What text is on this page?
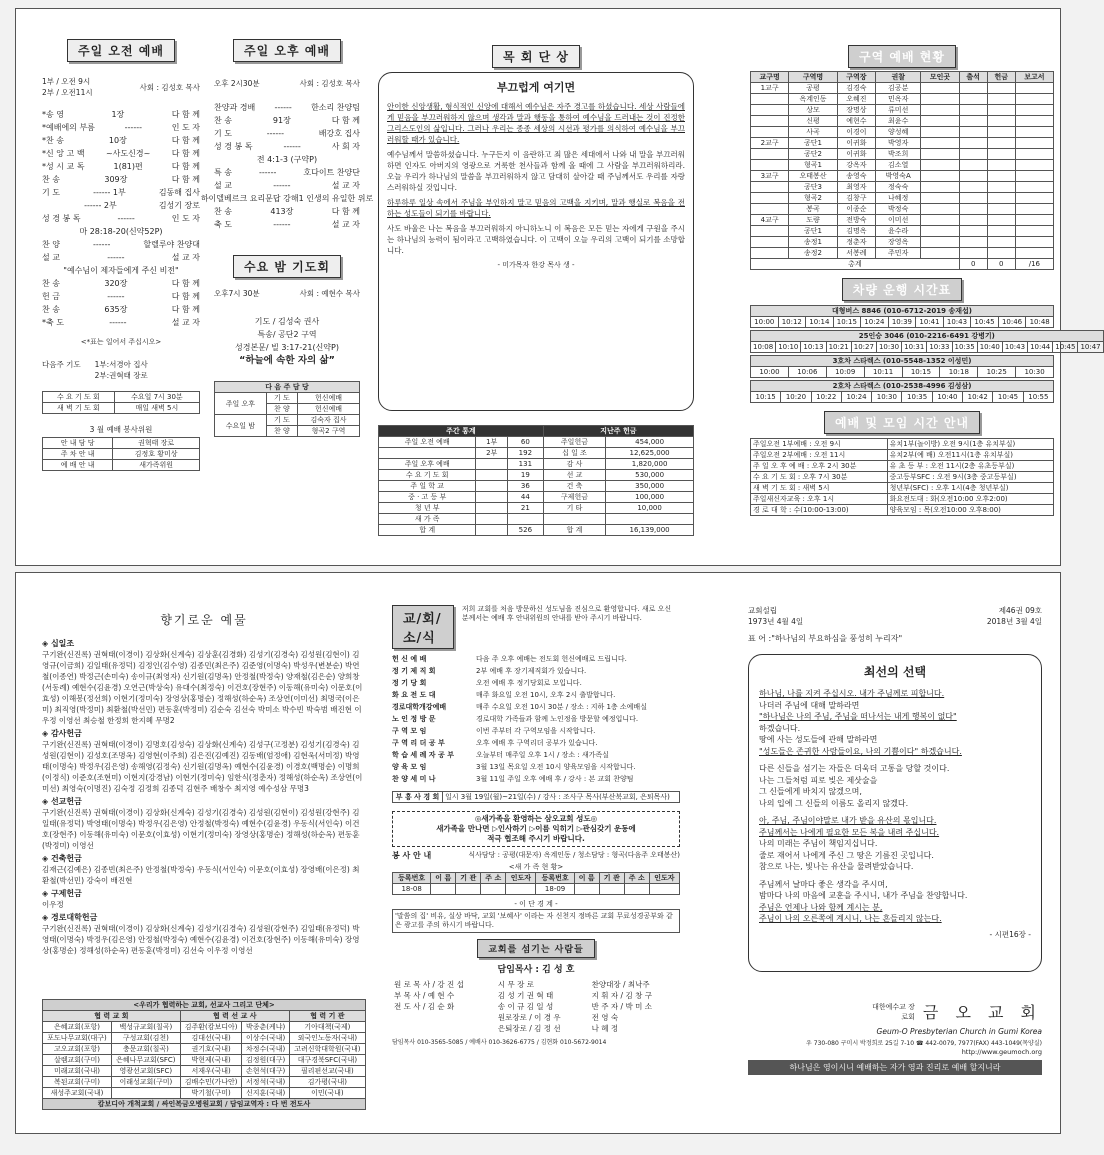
주일 오전 예배
1부 / 오전 9시
2부 / 오전11시
사회 : 김성호 목사
*송 영	1장	다 함 께
*예배에의 부름	------	인 도 자
*찬 송	10장	다 함 께
*신 앙 고 백	~사도신경~	다 함 께
*성 시 교 독	1(81)편	다 함 께
찬 송	309장	다 함 께
기 도	------ 1부	김동해 집사
------ 2부	김성기 장로
성 경 봉 독	------	인 도 자
마 28:18-20(신약52P)
찬 양	------	할렐루야 찬양대
설 교	------	설 교 자
"예수님이 제자들에게 주신 비전"
찬 송	320장	다 함 께
헌 금	------	다 함 께
찬 송	635장	다 함 께
*축 도	------	설 교 자
<*표는 일어서 주십시오>
다음주 기도 1부:서경아 집사
2부:권혁태 장로
수 요 기 도 회	수요일 7시 30분
새 벽 기 도 회	매일 새벽 5시
3 월 예배 봉사위원
안 내 담 당	권혁태 장로
주 차 안 내	김정호 황미상
예 배 안 내	새가족위원
주일 오후 예배
오후 2시30분	사회 : 김성호 목사
찬양과 경배 ------ 한소리 찬양팀
찬 송	91장	다 함 께
기 도	------	배강호 집사
성 경 봉 독	------	사 회 자
전 4:1-3 (구약P)
특 송	------	호다이트 찬양단
설 교	------	설 교 자
하이델베르크 요리문답 강해1 인생의 유일한 위로
찬 송	413장	다 함 께
축 도	------	설 교 자
수요 밤 기도회
오후7시 30분	사회 : 예현수 목사
기도 / 김성숙 권사
특송/ 공단2 구역
성경본문/ 빌 3:17-21(신약P)
“하늘에 속한 자의 삶”
다 음 주 담 당		
주일 오후	기 도	헌신예배
	찬 양	헌신예배
수요일 밤	기 도	김숙자 집사
	찬 양	형곡2 구역
목 회 단 상
부끄럽게 여기면

안이한 신앙생활, 형식적인 신앙에 대해서 예수님은 자주 경고를 하셨습니다. 세상 사람들에게 믿음을 부끄러워하지 않으며 생각과 말과 행동을 통하여 예수님을 드러내는 것이 진정한 그리스도인의 삶입니다. 그러나 우리는 종종 세상의 시선과 평가를 의식하여 예수님을 부끄러워할 때가 있습니다.

예수님께서 말씀하셨습니다. 누구든지 이 음란하고 죄 많은 세대에서 나와 내 말을 부끄러워하면 인자도 아버지의 영광으로 거룩한 천사들과 함께 올 때에 그 사람을 부끄러워하리라. 오늘 우리가 하나님의 말씀을 부끄러워하지 않고 담대히 살아갈 때 주님께서도 우리를 자랑스러워하실 것입니다.

하루하루 일상 속에서 주님을 부인하지 말고 믿음의 고백을 지키며, 말과 행실로 복음을 전하는 성도들이 되기를 바랍니다.

사도 바울은 나는 복음을 부끄러워하지 아니하노니 이 복음은 모든 믿는 자에게 구원을 주시는 하나님의 능력이 됨이라고 고백하였습니다. 이 고백이 오늘 우리의 고백이 되기를 소망합니다.

- 미가목자 한강 목사 생 -
주간 통계			지난주 헌금	
주일 오전 예배	1부	60	주일헌금	454,000
	2부	192	십 일 조	12,625,000
주일 오후 예배		131	감 사	1,820,000
수 요 기 도 회		19	선 교	530,000
주 일 학 교		36	건 축	350,000
중 · 고 등 부		44	구제헌금	100,000
청 년 부		21	기 타	10,000
새 가 족				
합 계		526	합 계	16,139,000
구역 예배 현황
교구명	구역명	구역장	권찰	모인곳	출석	헌금	보고서
1교구	공평	김경숙	김공분				
	옥계인동	오혜진	민옥자				
	상모	장명상	류미선				
	신평	예현수	최윤수				
	사곡	이경이	양성혜				
2교구	공단1	이귀화	박영자				
	공단2	이귀화	박조희				
	형곡1	강옥자	김소열				
3교구	오태봉산	송영숙	박영숙A				
	공단3	최영자	정숙숙				
	형곡2	김창구	나혜정				
	봉곡	이종순	박정숙				
4교구	도량	전방숙	이미선				
	공단1	김명옥	윤수라				
	송정1	정춘자	장영옥				
	송정2	서봉례	주민자				
총계					0	0	/16
차량 운행 시간표
대형버스 8846 (010-6712-2019 송재섭)
10:00	10:12	10:14	10:15	10:24	10:39	10:41	10:43	10:45	10:46	10:48
25인승 3046 (010-2216-6491 강병기)
10:08	10:10	10:13	10:21	10:27	10:30	10:31	10:33	10:35	10:40	10:43	10:44	10:45	10:47
3호차 스타렉스 (010-5548-1352 이성민)
10:00	10:06	10:09	10:11	10:15	10:18	10:25	10:30
2호차 스타렉스 (010-2538-4996 김성삼)
10:15	10:20	10:22	10:24	10:30	10:35	10:40	10:42	10:45	10:55
예배 및 모임 시간 안내
주일오전 1부예배 : 오전 9시	유치1부(놀이방) 오전 9시(1층 유치부실)
주일오전 2부예배 : 오전 11시	유치2부(예 배) 오전11시(1층 유치부실)
주 일 오 후 예 배 : 오후 2시 30분	유 초 등 부 : 오전 11시(2층 유초등부실)
수 요 기 도 회 : 오후 7시 30분	중고등부SFC : 오전 9시(3층 중고등부실)
새 벽 기 도 회 : 새벽 5시	청년부(SFC) : 오후 1시(4층 청년부실)
주일새신자교육 : 오후 1시	화요전도대 : 화(오전10:00 오후2:00)
경 로 대 학 : 수(10:00-13:00)	양육모임 : 목(오전10:00 오후8:00)
향기로운 예물
◈ 십일조
구기완(신진록) 권혁태(이경이) 김상화(신계숙) 김상훈(김경화) 김성기(김경숙) 김성원(김현이) 김영규(이금희) 김일태(유정덕) 김정인(김수영) 김종민(최은주) 김준영(이명숙) 박성우(변분순) 박연철(이종연) 박정근(손미숙) 송이규(최영자) 신기원(김명옥) 안정철(박정숙) 양재철(김은순) 양희창(서동례) 예현수(김윤경) 오연근(박상숙) 유대수(최정숙) 이건호(장현주) 이동해(유미숙) 이문호(이효성) 이해봉(정선희) 이현기(정미숙) 장영상(홍명순) 정해성(하순옥) 조상연(이미선) 최명국(이은미) 최직영(박정미) 최환철(박선민) 편동훈(박정미) 김순숙 김선숙 박미소 박수빈 박숙범 배진현 이우정 이영선 최승철 한정희 한지혜 무명2
◈ 감사헌금
구기완(신진록) 권혁태(이경이) 김명호(김성숙) 김상화(신계숙) 김성구(고정분) 김성기(김경숙) 김성원(김현이) 김성호(조명옥) 김영현(이주희) 김은진(김예진) 김동배(엄정애) 김현욱(서미정) 박영태(이명숙) 박정우(김은영) 송해영(김정숙) 신기원(김명옥) 예현수(김윤경) 이경호(백명순) 이명희(이정식) 이준호(조현미) 이현지(강경남) 이현기(정미숙) 임한식(정춘자) 정해성(하순옥) 조상연(이미선) 최영숙(이명진) 김숙정 김정희 김종덕 김현주 배창수 최지영 예수성삼 무명3
◈ 선교헌금
구기완(신진록) 권혁태(이경이) 김상화(신계숙) 김성기(김경숙) 김성원(김현이) 김성원(강현주) 김일태(유정덕) 박영태(이명숙) 박정우(김은영) 안정철(박정숙) 예현수(김윤경) 우동식(서인숙) 이건호(장현주) 이동해(유미숙) 이문호(이효성) 이현기(정미숙) 장영상(홍명순) 정해성(하순옥) 편동훈(박정미) 이영선
◈ 건축헌금
김재근(김예은) 김종빈(최은주) 안정철(박정숙) 우동식(서인숙) 이문호(이효성) 장영배(이은정) 최환철(박선민) 강숙이 배진현
◈ 구제헌금
이우정
◈ 경로대학헌금
구기완(신진록) 권혁태(이경이) 김상화(신계숙) 김성기(김경숙) 김성원(강현주) 김일태(유정덕) 박영태(이명숙) 박정우(김은영) 안정철(박정숙) 예현수(김윤경) 이건호(장현주) 이동해(유미숙) 장영상(홍명순) 정해성(하순옥) 편동훈(박정미) 김선숙 이우정 이영선
<우리가 협력하는 교회, 선교사 그리고 단체>				
협 력 교 회		협 력 선 교 사		협 력 기 관
은혜교회(포항)	백성규교회(칠곡)	김주환(캄보디아)	박종춘(케냐)	기아대책(국제)
포도나무교회(대구)	구성교회(김천)	김대선(국내)	이상수(국내)	외국인노동자(국내)
고오교회(포항)	충문교회(칠곡)	권기호(국내)	차정수(국내)	고려신학대학원(국내)
살렘교회(구미)	은혜나무교회(SFC)	박현제(국내)	김정원(대구)	대구경북SFC(국내)
미래교회(국내)	영광선교회(SFC)	서재우(국내)	손현석(대구)	필리핀선교(국내)
복된교회(구미)	이래성교회(구미)	김배수민(가나안)	서정석(국내)	김가평(국내)
새성주교회(국내)		박기철(구미)	신지훈(국내)	이민(국내)
캄보디아 개척교회 / 싸인복금오병원교회 / 담임교역자 : 다 번 전도사				
교/회/소/식
저희 교회를 처음 방문하신 성도님을 진심으로 환영합니다. 새로 오신 분께서는 예배 후 안내위원의 안내를 받아 주시기 바랍니다.
헌 신 예 배	다음 주 오후 예배는 전도회 헌신예배로 드립니다.
정 기 제 직 회	2부 예배 후 장기제직회가 있습니다.
정 기 당 회	오전 예배 후 정기당회로 모입니다.
화 요 전 도 대	매주 화요일 오전 10시, 오후 2시 출발합니다.
경로대학개강예배	매주 수요일 오전 10시 30분 / 장소 : 지하 1층 소예배실
노 인 정 방 문	경로대학 가족들과 함께 노인정을 방문할 예정입니다.
구 역 모 임	이번 주부터 각 구역모임을 시작합니다.
구 역 리 더 공 부	오후 예배 후 구역리더 공부가 있습니다.
학 습 세 례 자 공 부	오늘부터 매주일 오후 1시 / 장소 : 새가족실
양 육 모 임	3월 13일 목요일 오전 10시 양육모임을 시작합니다.
찬 양 세 미 나	3월 11일 주일 오후 예배 후 / 강사 : 본 교회 찬양팀
부 흥 사 경 회	일시 3월 19일(월)~21일(수) / 강사 : 조사구 목사(부산북교회, 은퇴목사)
◎새가족을 환영하는 삼오교회 성도◎
새가족을 만나면 ▷인사하기 ▷이름 익히기 ▷관심갖기 운동에
적극 협조해 주시기 바랍니다.
봉 사 안 내	식사담당 : 공평(대문자) 옥계인동 / 청소담당 : 형곡(다음주 오태봉산)
<새 가 족 현 황>
등록번호	이 름	기 관	주 소	인도자	등록번호	이 름	기 관	주 소	인도자
18-08					18-09				
- 이 단 경 계 -
'말씀의 집' 비유, 실상 바닥, 교회 '보혜사' 이라는 자 신천지 정바른 교회 무료성경공부와 같은 광고를 주의 하시기 바랍니다.
교회를 섬기는 사람들
담임목사 : 김 성 호
원 로 목 사 / 강 진 섭	시 무 장 로	찬양대장 / 최낙주
부 목 사 / 예 현 수	김 성 기 권 혁 태	지 휘 자 / 김 창 구
전 도 사 / 김 순 화	송 이 규 김 일 성	반 주 자 / 박 미 소
	원로장로 / 이 경 우	전 영 숙
	은퇴장로 / 김 정 선	나 혜 정
담임목사 010-3565-5085 / 예배사 010-3626-6775 / 김현화 010-5672-9014
교회설립
1973년 4월 4일
제46권 09호
2018년 3월 4일
표 어 :"하나님의 부요하심을 풍성히 누리자"
최선의 선택
하나님, 나를 지켜 주십시오. 내가 주님께로 피합니다.
나더러 주님에 대해 말하라면
"하나님은 나의 주님, 주님을 떠나서는 내게 행복이 없다"
하겠습니다.
땅에 사는 성도들에 관해 말하라면
"성도들은 존귀한 사람들이요, 나의 기쁨이다" 하겠습니다.
다른 신들을 섬기는 자들은 더욱더 고통을 당할 것이다.
나는 그들처럼 피로 빚은 제삿술을
그 신들에게 바치지 않겠으며,
나의 입에 그 신들의 이름도 올리지 않겠다.
아, 주님, 주님이야말로 내가 받을 유산의 몫입니다.
주님께서는 나에게 필요한 모든 복을 내려 주십니다.
나의 미래는 주님이 책임지십니다.
줄로 재어서 나에게 주신 그 땅은 기름진 곳입니다.
참으로 나는, 빛나는 유산을 물려받았습니다.
주님께서 날마다 좋은 생각을 주시며,
밤마다 나의 마음에 교훈을 주시니, 내가 주님을 찬양합니다.
주님은 언제나 나와 함께 계시는 분,
주님이 나의 오른쪽에 계시니, 나는 흔들리지 않는다.
- 시편16장 -
대한예수교 장로회 금 오 교 회
Geum-O Presbyterian Church in Gumi Korea
우 730-080 구미시 박정희로 25길 7-10 ☎ 442-0079, 7977(FAX) 443-1049(목양실)
http://www.geumoch.org
하나님은 영이시니 예배하는 자가 영과 진리로 예배 할지니라
